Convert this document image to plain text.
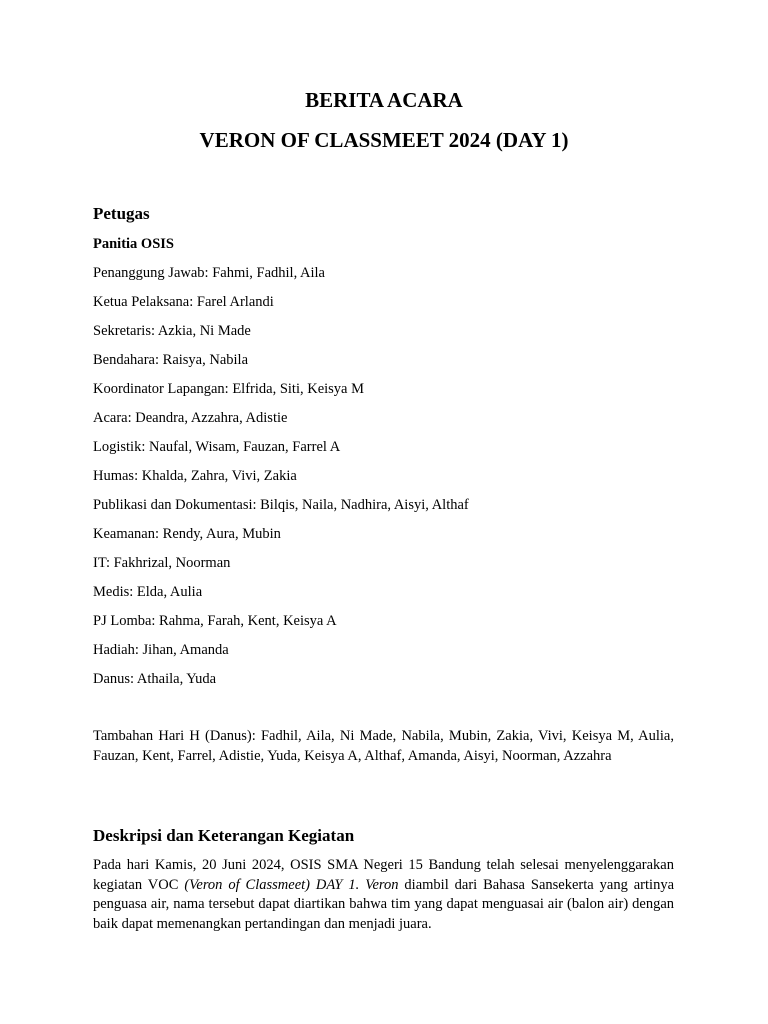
BERITA ACARA
VERON OF CLASSMEET 2024 (DAY 1)
Petugas
Panitia OSIS
Penanggung Jawab: Fahmi, Fadhil, Aila
Ketua Pelaksana: Farel Arlandi
Sekretaris: Azkia, Ni Made
Bendahara: Raisya, Nabila
Koordinator Lapangan: Elfrida, Siti, Keisya M
Acara: Deandra, Azzahra, Adistie
Logistik: Naufal, Wisam, Fauzan, Farrel A
Humas: Khalda, Zahra, Vivi, Zakia
Publikasi dan Dokumentasi: Bilqis, Naila, Nadhira, Aisyi, Althaf
Keamanan: Rendy, Aura, Mubin
IT: Fakhrizal, Noorman
Medis: Elda, Aulia
PJ Lomba: Rahma, Farah, Kent, Keisya A
Hadiah: Jihan, Amanda
Danus: Athaila, Yuda

Tambahan Hari H (Danus): Fadhil, Aila, Ni Made, Nabila, Mubin, Zakia, Vivi, Keisya M, Aulia, Fauzan, Kent, Farrel, Adistie, Yuda, Keisya A, Althaf, Amanda, Aisyi, Noorman, Azzahra

Deskripsi dan Keterangan Kegiatan

Pada hari Kamis, 20 Juni 2024, OSIS SMA Negeri 15 Bandung telah selesai menyelenggarakan kegiatan VOC (Veron of Classmeet) DAY 1. Veron diambil dari Bahasa Sansekerta yang artinya penguasa air, nama tersebut dapat diartikan bahwa tim yang dapat menguasai air (balon air) dengan baik dapat memenangkan pertandingan dan menjadi juara.
